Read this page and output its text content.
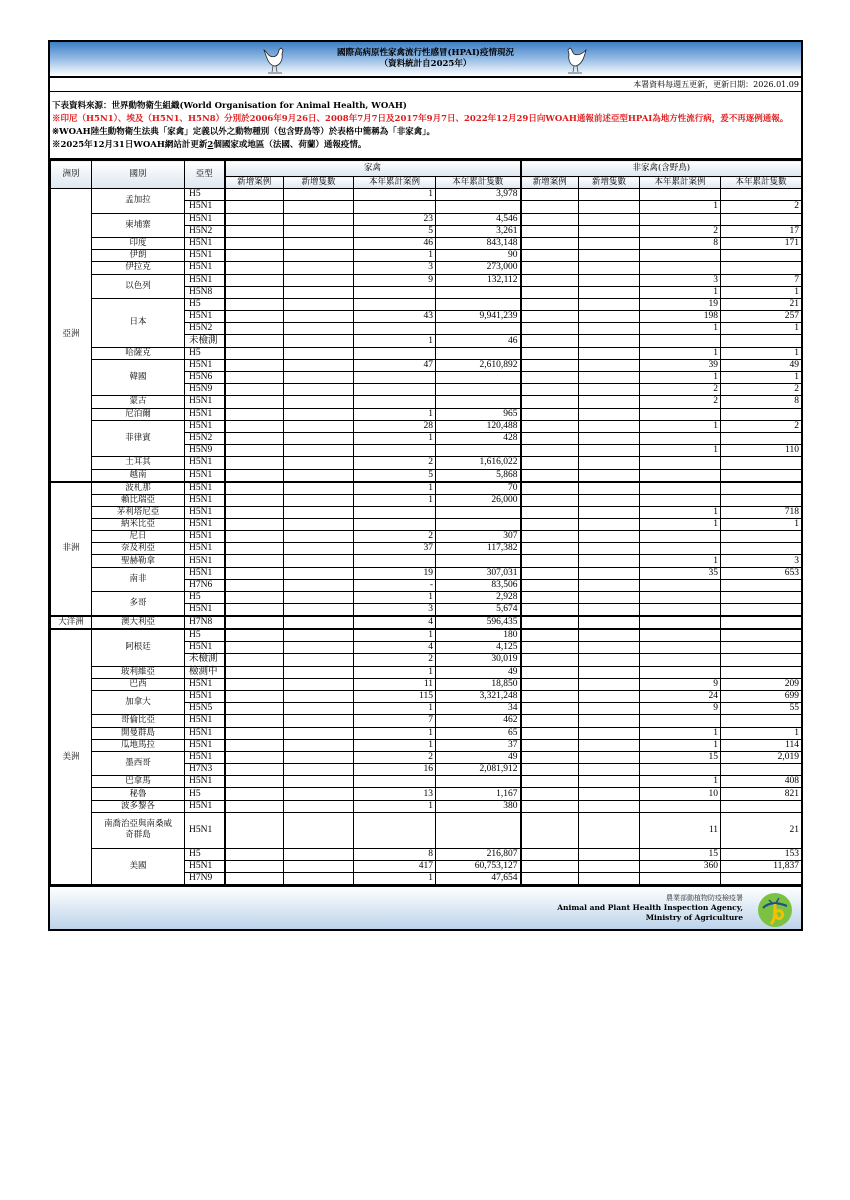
國際高病原性家禽流行性感冒(HPAI)疫情現況
（資料統計自2025年）
本署資料每週五更新，更新日期：2026.01.09
下表資料來源：世界動物衛生組織(World Organisation for Animal Health, WOAH)
※印尼（H5N1）、埃及（H5N1、H5N8）分別於2006年9月26日、2008年7月7日及2017年9月7日、2022年12月29日向WOAH通報前述亞型HPAI為地方性流行病，爰不再逐例通報。
※WOAH陸生動物衛生法典「家禽」定義以外之動物種別（包含野鳥等）於表格中簡稱為「非家禽」。
※2025年12月31日WOAH網站計更新2個國家或地區（法國、荷蘭）通報疫情。
洲別	國別	亞型	家禽				非家禽(含野鳥)			
			新增案例	新增隻數	本年累計案例	本年累計隻數	新增案例	新增隻數	本年累計案例	本年累計隻數
亞洲	孟加拉	H5			1	3,978				
		H5N1							1	2
	柬埔寨	H5N1			23	4,546				
		H5N2			5	3,261			2	17
	印度	H5N1			46	843,148			8	171
	伊朗	H5N1			1	90				
	伊拉克	H5N1			3	273,000				
	以色列	H5N1			9	132,112			3	7
		H5N8							1	1
	日本	H5							19	21
		H5N1			43	9,941,239			198	257
		H5N2							1	1
		未檢測			1	46				
	哈薩克	H5							1	1
	韓國	H5N1			47	2,610,892			39	49
		H5N6							1	1
		H5N9							2	2
	蒙古	H5N1							2	8
	尼泊爾	H5N1			1	965				
	菲律賓	H5N1			28	120,488			1	2
		H5N2			1	428				
		H5N9							1	110
	土耳其	H5N1			2	1,616,022				
	越南	H5N1			5	5,868				
非洲	波札那	H5N1			1	70				
	賴比瑞亞	H5N1			1	26,000				
	茅利塔尼亞	H5N1							1	718
	納米比亞	H5N1							1	1
	尼日	H5N1			2	307				
	奈及利亞	H5N1			37	117,382				
	聖赫勒拿	H5N1							1	3
	南非	H5N1			19	307,031			35	653
		H7N6			-	83,506				
	多哥	H5			1	2,928				
		H5N1			3	5,674				
大洋洲	澳大利亞	H7N8			4	596,435				
美洲	阿根廷	H5			1	180				
		H5N1			4	4,125				
		未檢測			2	30,019				
	玻利維亞	檢測中			1	49				
	巴西	H5N1			11	18,850			9	209
	加拿大	H5N1			115	3,321,248			24	699
		H5N5			1	34			9	55
	哥倫比亞	H5N1			7	462				
	開曼群島	H5N1			1	65			1	1
	瓜地馬拉	H5N1			1	37			1	114
	墨西哥	H5N1			2	49			15	2,019
		H7N3			16	2,081,912				
	巴拿馬	H5N1							1	408
	秘魯	H5			13	1,167			10	821
	波多黎各	H5N1			1	380				
	南喬治亞與南桑威奇群島	H5N1							11	21
	美國	H5			8	216,807			15	153
		H5N1			417	60,753,127			360	11,837
		H7N9			1	47,654				
農業部動植物防疫檢疫署
Animal and Plant Health Inspection Agency,
Ministry of Agriculture
